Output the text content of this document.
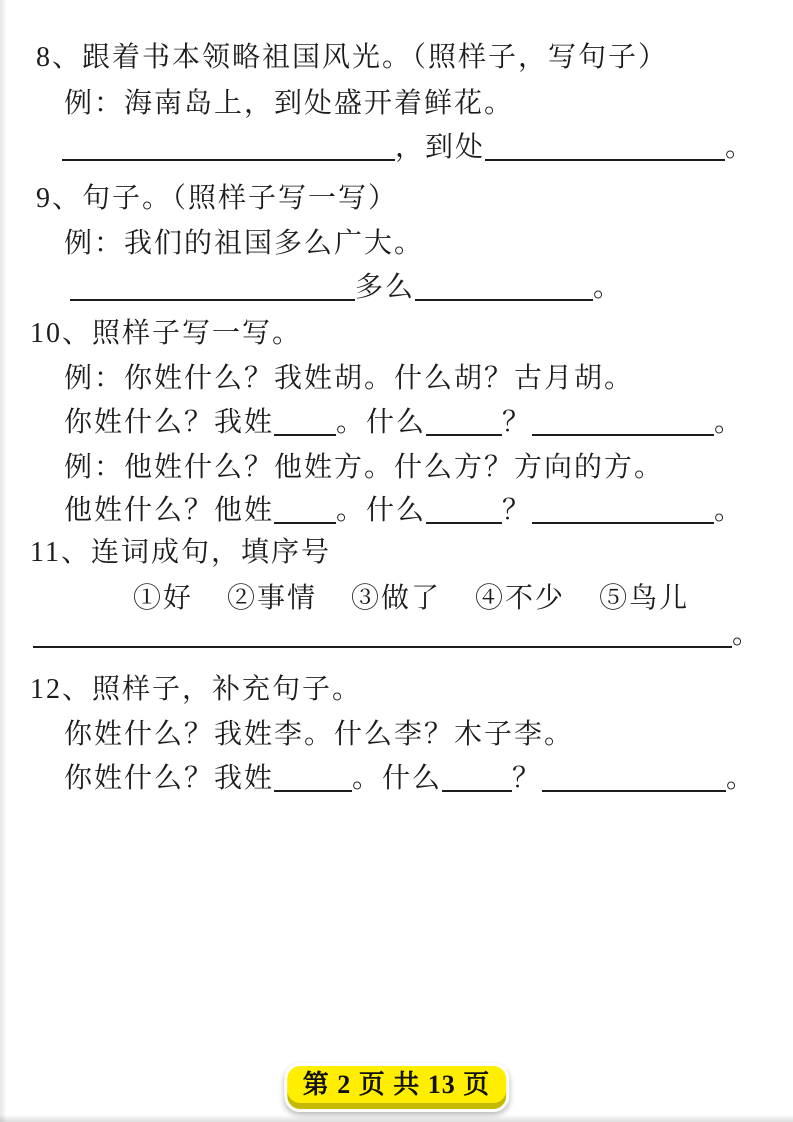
8、跟着书本领略祖国风光。（照样子，写句子）
例：海南岛上，到处盛开着鲜花。
，到处	。
9、句子。（照样子写一写）
例：我们的祖国多么广大。
多么	。
10、照样子写一写。
例：你姓什么？我姓胡。什么胡？古月胡。
你姓什么？我姓 。什么	？	。
例：他姓什么？他姓方。什么方？方向的方。
他姓什么？他姓 。什么	？	。
11、连词成句，填序号
①好 ②事情 ③做了 ④不少 ⑤鸟儿
。
12、照样子，补充句子。
你姓什么？我姓李。什么李？木子李。
你姓什么？我姓	。什么	？	。
第 2 页 共 13 页
